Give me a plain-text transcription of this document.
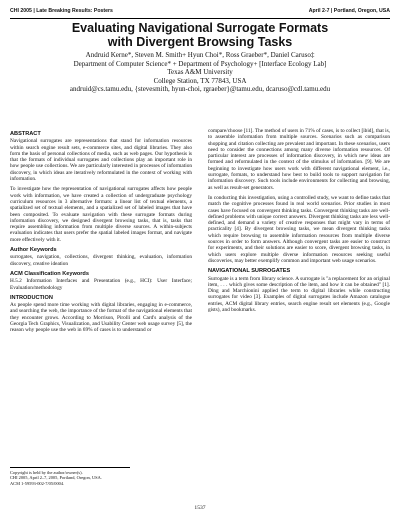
CHI 2005 | Late Breaking Results: Posters	April 2-7 | Portland, Oregon, USA
Evaluating Navigational Surrogate Formats
with Divergent Browsing Tasks
Andruid Kerne*, Steven M. Smith+ Hyun Choi*, Ross Graeber*, Daniel Caruso‡
Department of Computer Science* + Department of Psychology+ [Interface Ecology Lab]
Texas A&M University
College Station, TX 77843, USA
andruid@cs.tamu.edu, {stevesmith, hyun-choi, rgraeber}@tamu.edu, dcaruso@cdl.tamu.edu
ABSTRACT

Navigational surrogates are representations that stand for information resources within search engine result sets, e-commerce sites, and digital libraries. They also form the basis of personal collections of media, such as web pages. Our hypothesis is that the formats of individual surrogates and collections play an important role in how people use collections. We are particularly interested in processes of information discovery, in which ideas are iteratively reformulated in the context of working with information.

To investigate how the representation of navigational surrogates affects how people work with information, we have created a collection of undergraduate psychology curriculum resources in 3 alternative formats: a linear list of textual elements, a spatialized set of textual elements, and a spatialized set of labeled images that have been composited. To evaluate navigation with these surrogate formats during information discovery, we designed divergent browsing tasks, that is, tasks that require assembling information from multiple diverse sources. A within-subjects evaluation indicates that users prefer the spatial labeled images format, and navigate more effectively with it.

Author Keywords

surrogates, navigation, collections, divergent thinking, evaluation, information discovery, creative ideation

ACM Classification Keywords

H.5.2 Information Interfaces and Presentation (e.g., HCI): User Interface; Evaluation/methodology

INTRODUCTION

As people spend more time working with digital libraries, engaging in e-commerce, and searching the web, the importance of the format of the navigational elements that they encounter grows. According to Morrison, Pirolli and Card's analysis of the Georgia Tech Graphics, Visualization, and Usability Center web usage survey [5], the reason why people use the web in 69% of cases is to understand or

Copyright is held by the author/owner(s).
CHI 2005, April 2–7, 2005, Portland, Oregon, USA.
ACM 1-59593-002-7/05/0004.

compare/choose [11]. The method of users in 71% of cases, is to collect [ibid], that is, to assemble information from multiple sources. Scenarios such as comparison shopping and citation collecting are prevalent and important. In these scenarios, users need to consider the connections among many diverse information resources. Of particular interest are processes of information discovery, in which new ideas are formed and reformulated in the context of the stimulus of information. [9]. We are beginning to investigate how users work with different navigational element, i.e., surrogate, formats, to understand how best to build tools to support navigation for information discovery. Such tools include environments for collecting and browsing, as well as result-set generators.

In conducting this investigation, using a controlled study, we want to define tasks that match the cognitive processes found in real world scenarios. Prior studies in most cases have focused on convergent thinking tasks. Convergent thinking tasks are well-defined problems with unique correct answers. Divergent thinking tasks are less well-defined, and demand a variety of creative responses that might vary in terms of practicality [4]. By divergent browsing tasks, we mean divergent thinking tasks which require browsing to assemble information resources from multiple diverse sources in order to form answers. Although convergent tasks are easier to construct for experiments, and their solutions are easier to score, divergent browsing tasks, in which users explore multiple diverse information resources seeking useful discoveries, may better exemplify common and important web usage scenarios.

NAVIGATIONAL SURROGATES

Surrogate is a term from library science. A surrogate is "a replacement for an original item, . . . which gives some description of the item, and how it can be obtained" [1]. Ding and Marchionini applied the term to digital libraries while constructing surrogates for video [3]. Examples of digital surrogates include Amazon catalogue entries, ACM digital library entries, search engine result set elements (e.g., Google gists), and bookmarks.

1537
